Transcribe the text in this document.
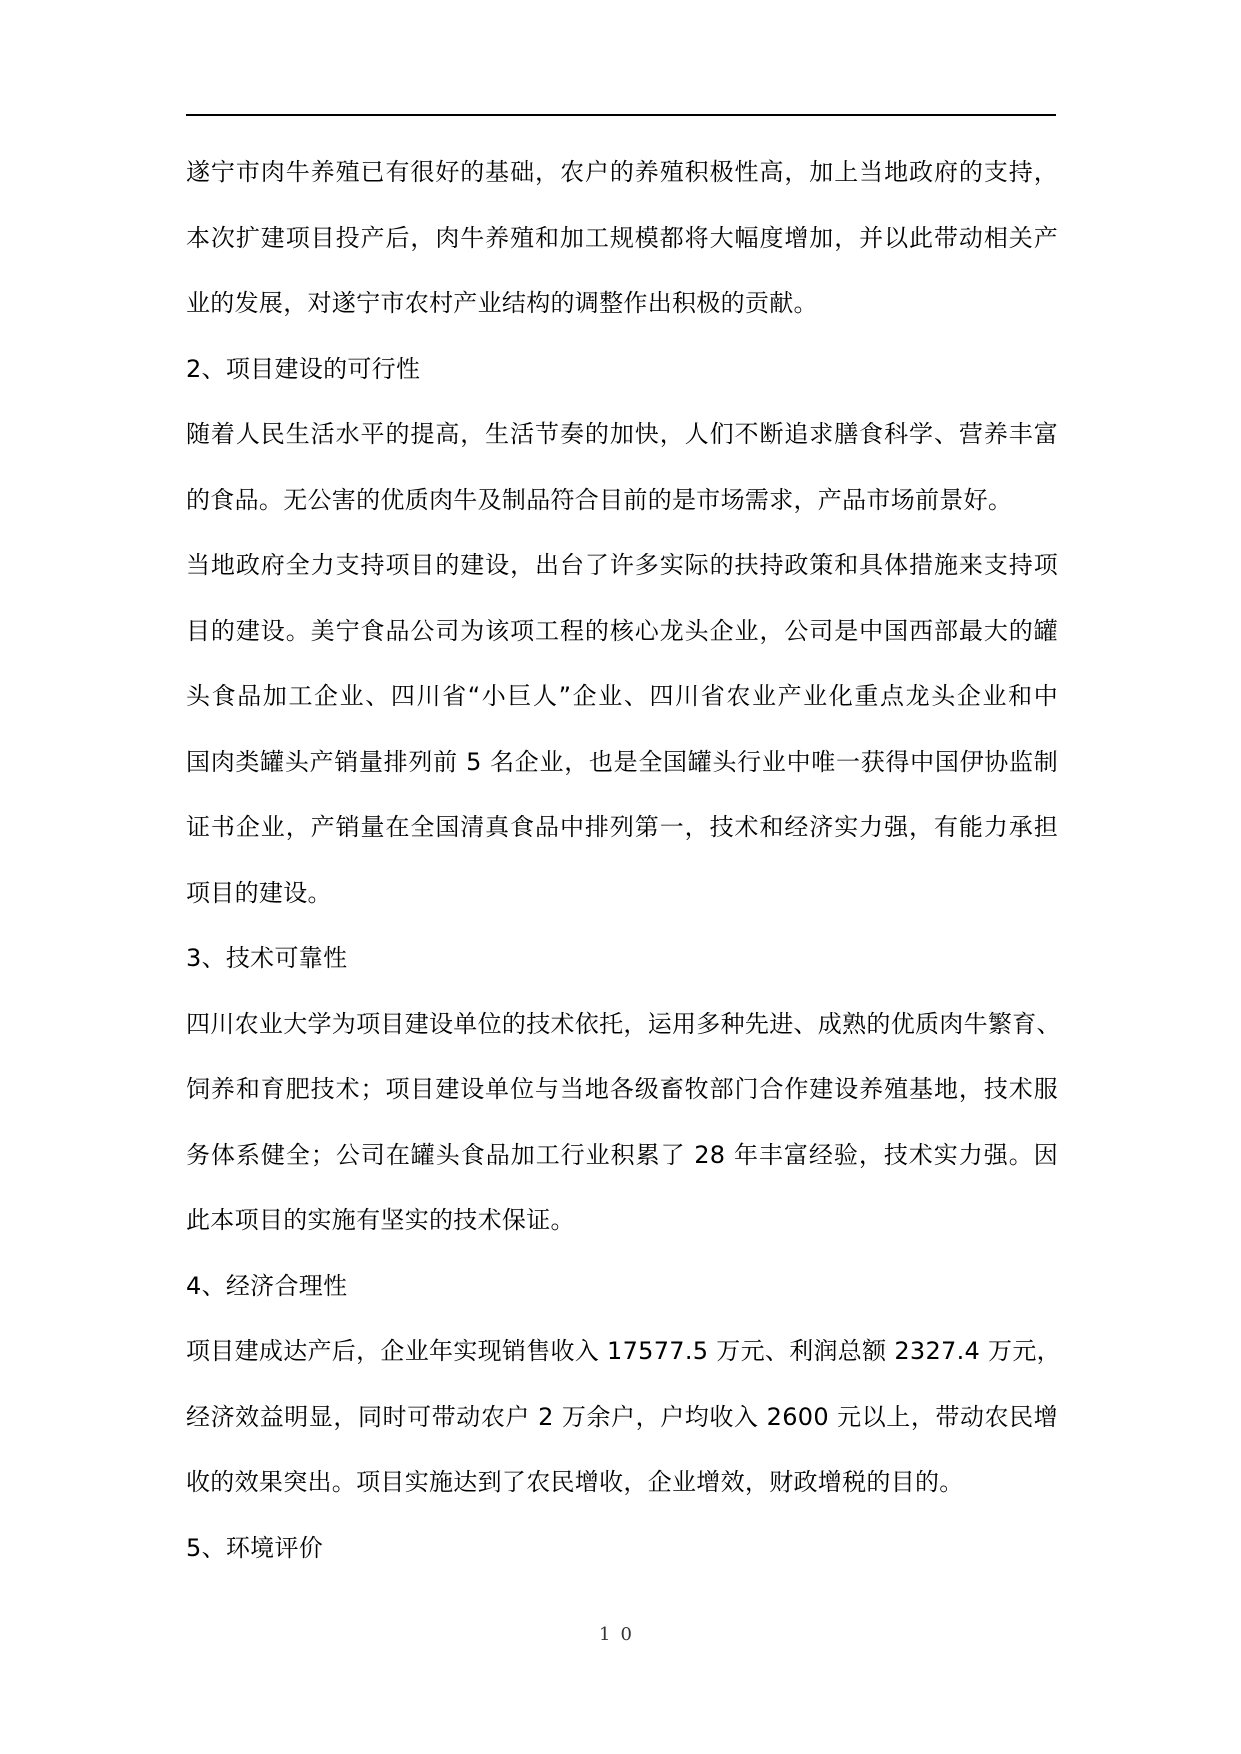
遂宁市肉牛养殖已有很好的基础，农户的养殖积极性高，加上当地政府的支持，
本次扩建项目投产后，肉牛养殖和加工规模都将大幅度增加，并以此带动相关产
业的发展，对遂宁市农村产业结构的调整作出积极的贡献。
2、项目建设的可行性
随着人民生活水平的提高，生活节奏的加快，人们不断追求膳食科学、营养丰富
的食品。无公害的优质肉牛及制品符合目前的是市场需求，产品市场前景好。
当地政府全力支持项目的建设，出台了许多实际的扶持政策和具体措施来支持项
目的建设。美宁食品公司为该项工程的核心龙头企业，公司是中国西部最大的罐
头食品加工企业、四川省“小巨人”企业、四川省农业产业化重点龙头企业和中
国肉类罐头产销量排列前 5 名企业，也是全国罐头行业中唯一获得中国伊协监制
证书企业，产销量在全国清真食品中排列第一，技术和经济实力强，有能力承担
项目的建设。
3、技术可靠性
四川农业大学为项目建设单位的技术依托，运用多种先进、成熟的优质肉牛繁育、
饲养和育肥技术；项目建设单位与当地各级畜牧部门合作建设养殖基地，技术服
务体系健全；公司在罐头食品加工行业积累了 28 年丰富经验，技术实力强。因
此本项目的实施有坚实的技术保证。
4、经济合理性
项目建成达产后，企业年实现销售收入 17577.5 万元、利润总额 2327.4 万元，
经济效益明显，同时可带动农户 2 万余户，户均收入 2600 元以上，带动农民增
收的效果突出。项目实施达到了农民增收，企业增效，财政增税的目的。
5、环境评价
10
